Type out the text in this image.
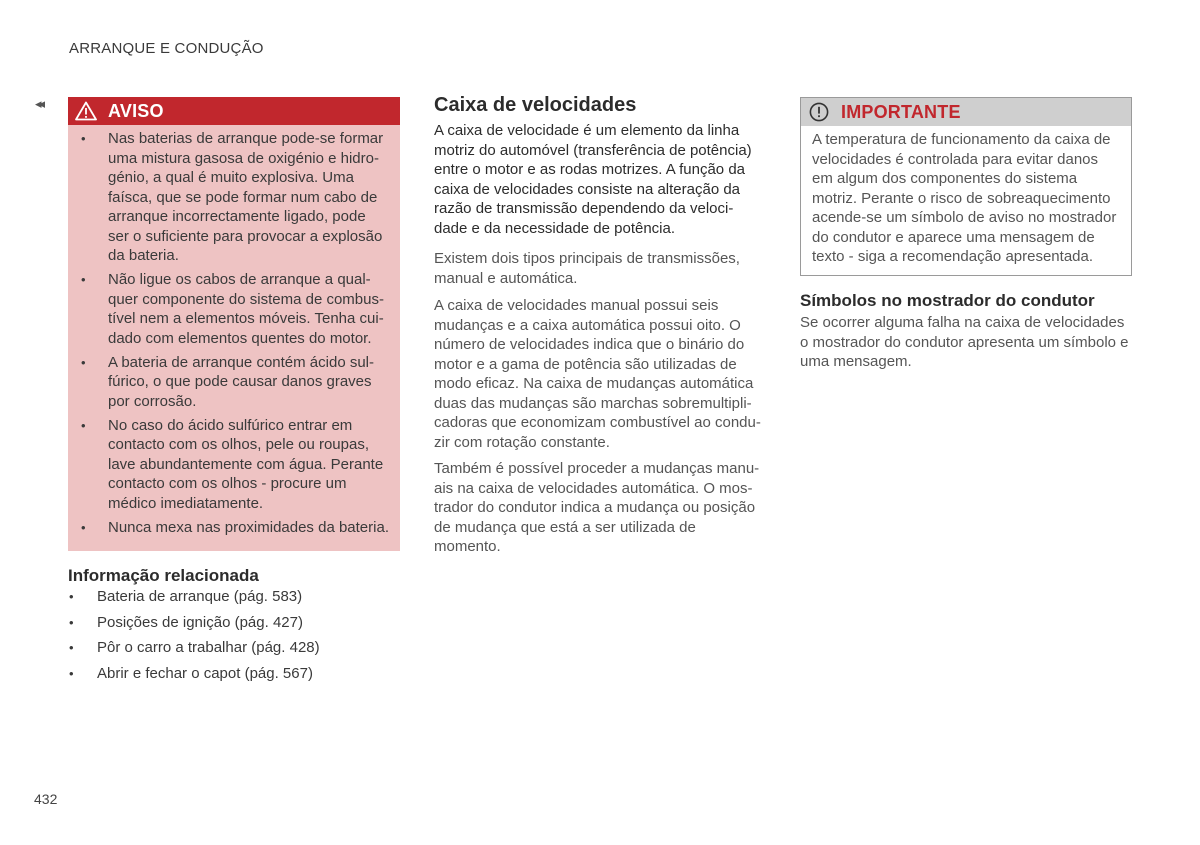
ARRANQUE E CONDUÇÃO
◂◂	AVISO
• Nas baterias de arranque pode-se formar
uma mistura gasosa de oxigénio e hidro-
génio, a qual é muito explosiva. Uma
faísca, que se pode formar num cabo de
arranque incorrectamente ligado, pode
ser o suficiente para provocar a explosão
da bateria.
• Não ligue os cabos de arranque a qual-
quer componente do sistema de combus-
tível nem a elementos móveis. Tenha cui-
dado com elementos quentes do motor.
• A bateria de arranque contém ácido sul-
fúrico, o que pode causar danos graves
por corrosão.
• No caso do ácido sulfúrico entrar em
contacto com os olhos, pele ou roupas,
lave abundantemente com água. Perante
contacto com os olhos - procure um
médico imediatamente.
• Nunca mexa nas proximidades da bateria.
Informação relacionada
• Bateria de arranque (pág. 583)
• Posições de ignição (pág. 427)
• Pôr o carro a trabalhar (pág. 428)
• Abrir e fechar o capot (pág. 567)
Caixa de velocidades
A caixa de velocidade é um elemento da linha
motriz do automóvel (transferência de potência)
entre o motor e as rodas motrizes. A função da
caixa de velocidades consiste na alteração da
razão de transmissão dependendo da veloci-
dade e da necessidade de potência.
Existem dois tipos principais de transmissões,
manual e automática.
A caixa de velocidades manual possui seis
mudanças e a caixa automática possui oito. O
número de velocidades indica que o binário do
motor e a gama de potência são utilizadas de
modo eficaz. Na caixa de mudanças automática
duas das mudanças são marchas sobremultipli-
cadoras que economizam combustível ao condu-
zir com rotação constante.
Também é possível proceder a mudanças manu-
ais na caixa de velocidades automática. O mos-
trador do condutor indica a mudança ou posição
de mudança que está a ser utilizada de
momento.
IMPORTANTE
A temperatura de funcionamento da caixa de
velocidades é controlada para evitar danos
em algum dos componentes do sistema
motriz. Perante o risco de sobreaquecimento
acende-se um símbolo de aviso no mostrador
do condutor e aparece uma mensagem de
texto - siga a recomendação apresentada.
Símbolos no mostrador do condutor
Se ocorrer alguma falha na caixa de velocidades
o mostrador do condutor apresenta um símbolo e
uma mensagem.
432
